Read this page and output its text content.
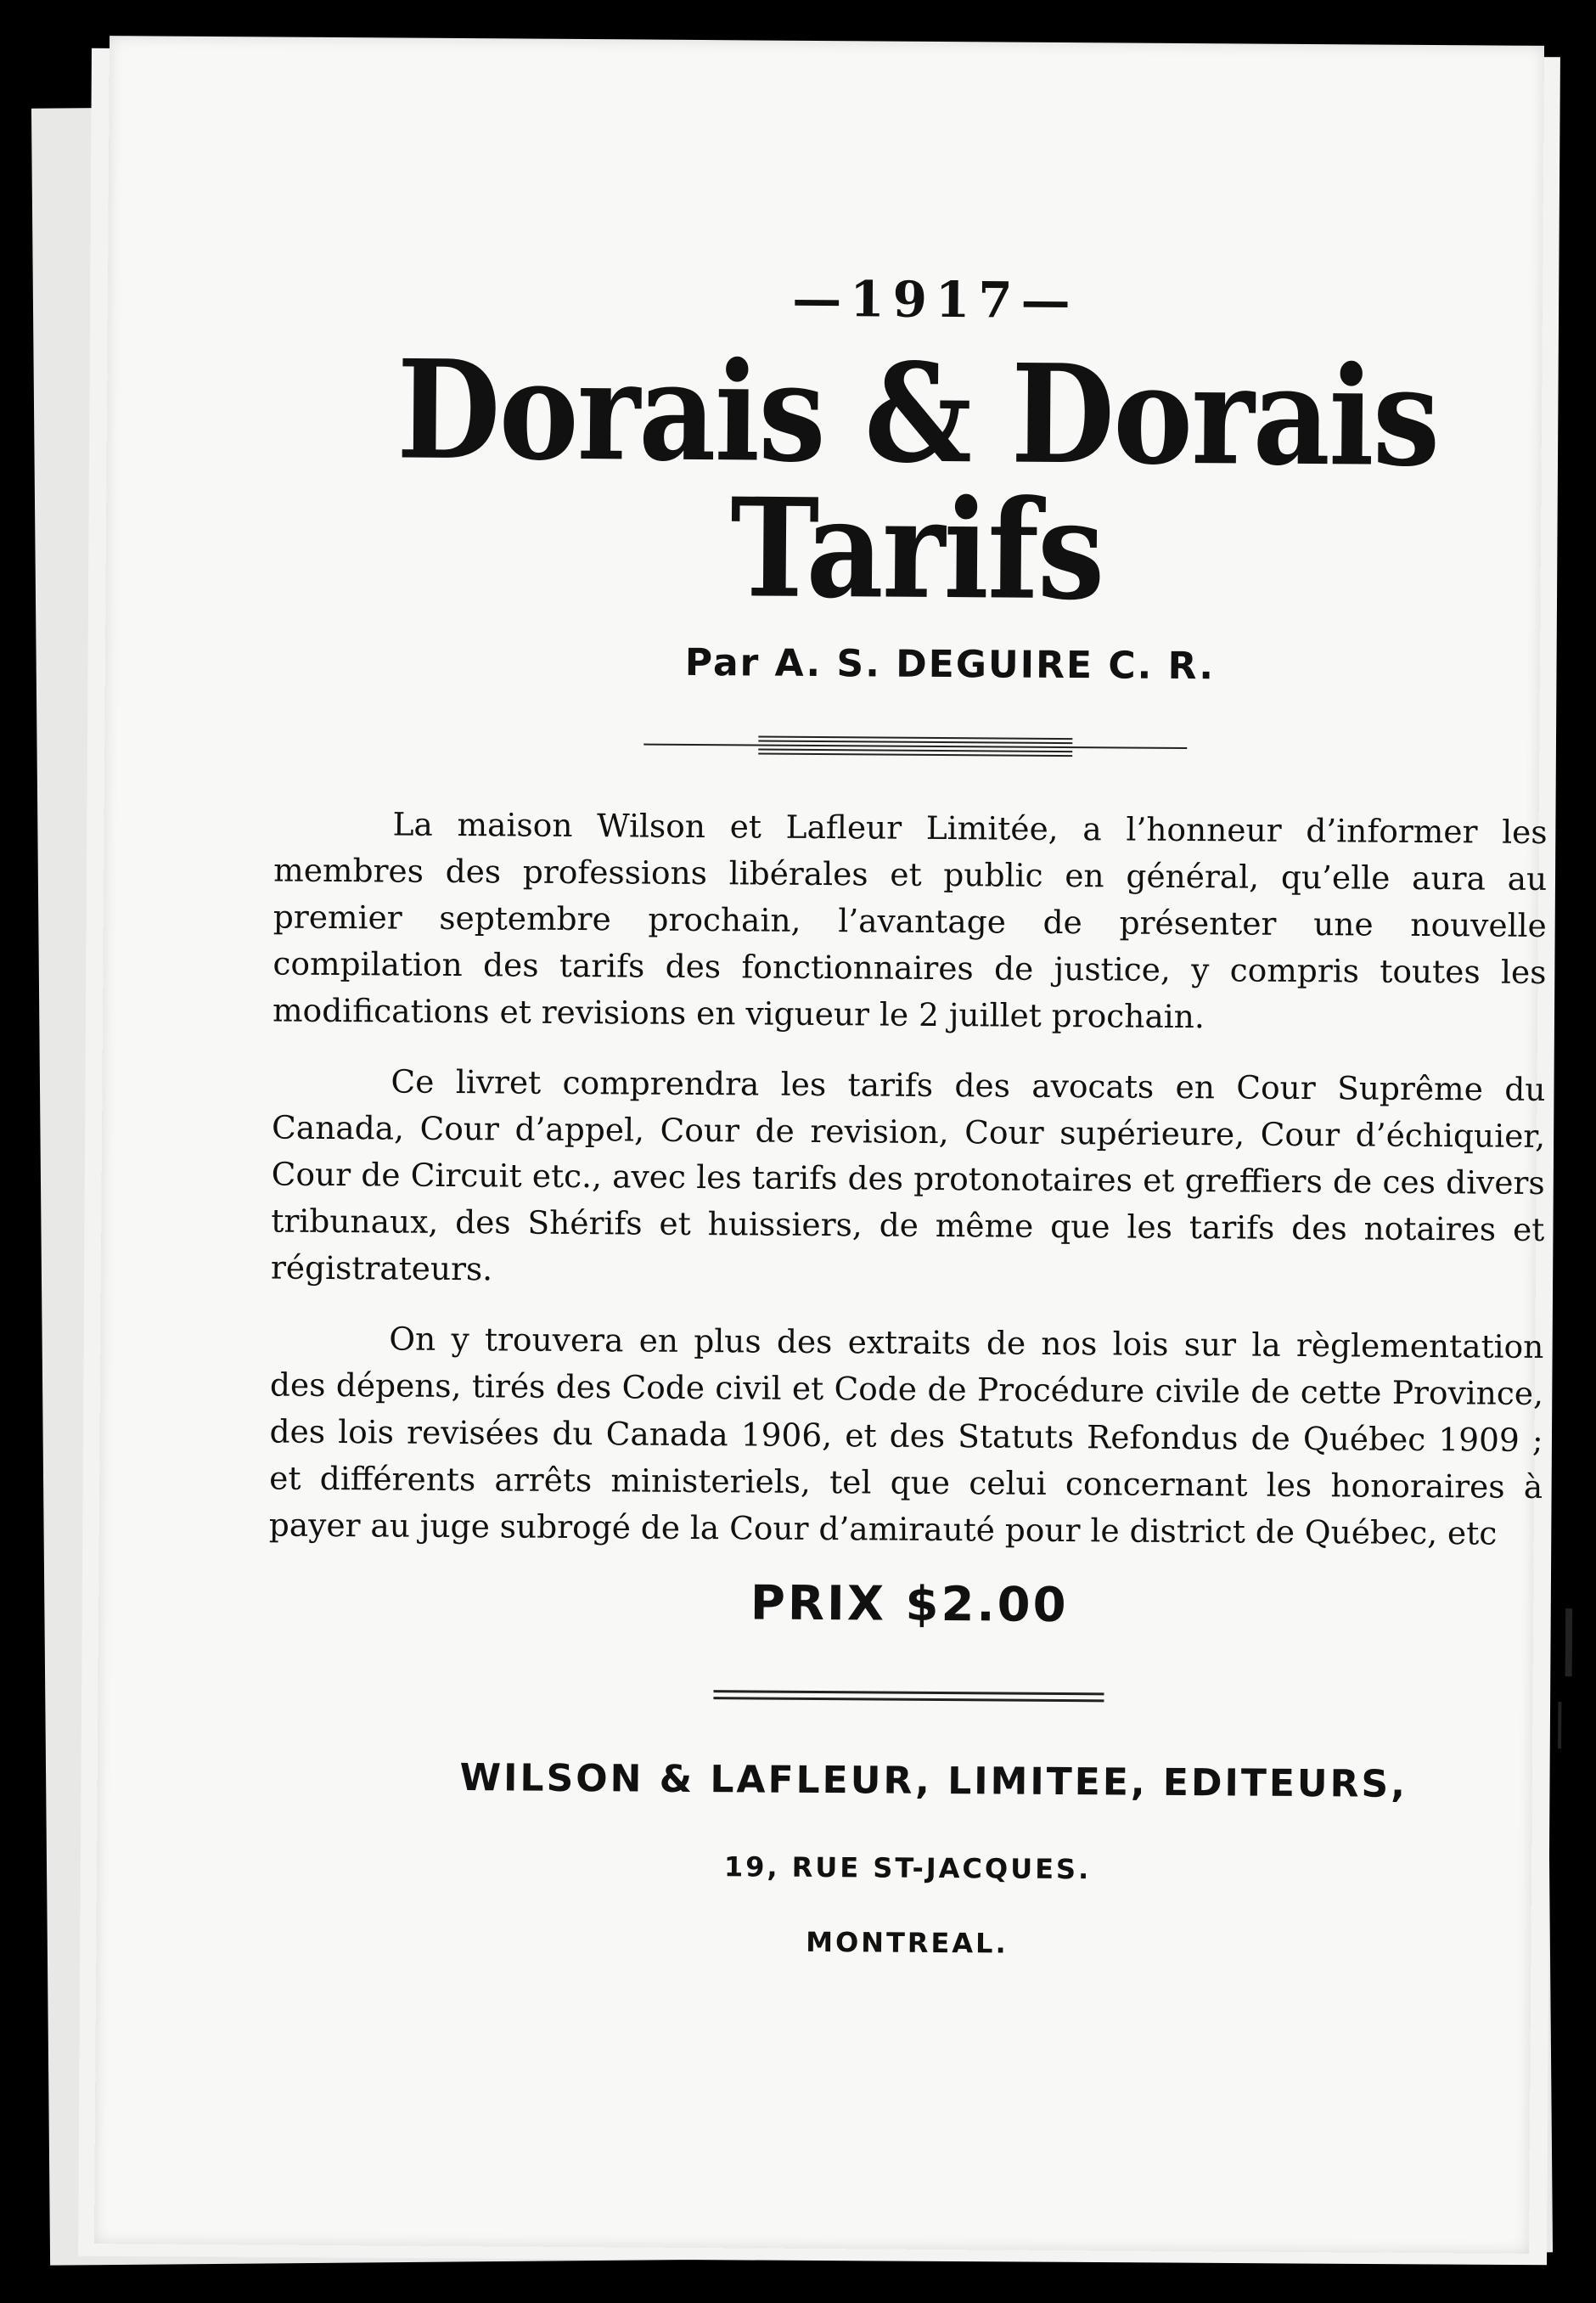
—1917—
Dorais & Dorais Tarifs
Par A. S. DEGUIRE C. R.

La maison Wilson et Lafleur Limitée, a l’honneur d’informer les membres des professions libérales et public en général, qu’elle aura au premier septembre prochain, l’avantage de présenter une nouvelle compilation des tarifs des fonctionnaires de justice, y compris toutes les modifications et revisions en vigueur le 2 juillet prochain.

Ce livret comprendra les tarifs des avocats en Cour Suprême du Canada, Cour d’appel, Cour de revision, Cour supérieure, Cour d’échiquier, Cour de Circuit etc., avec les tarifs des protonotaires et greffiers de ces divers tribunaux, des Shérifs et huissiers, de même que les tarifs des notaires et régistrateurs.

On y trouvera en plus des extraits de nos lois sur la règlementation des dépens, tirés des Code civil et Code de Procédure civile de cette Province, des lois revisées du Canada 1906, et des Statuts Refondus de Québec 1909 ; et différents arrêts ministeriels, tel que celui concernant les honoraires à payer au juge subrogé de la Cour d’amirauté pour le district de Québec, etc

PRIX $2.00
WILSON & LAFLEUR, LIMITEE, EDITEURS,
19, RUE ST-JACQUES.
MONTREAL.
